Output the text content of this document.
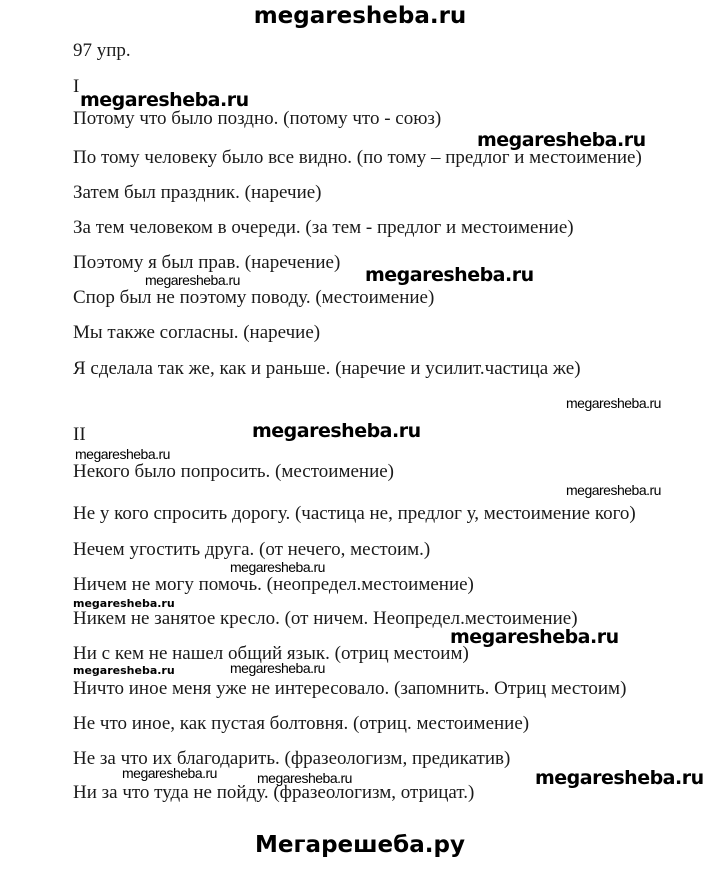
megaresheba.ru
97 упр.
I
Потому что было поздно. (потому что - союз)
По тому человеку было все видно. (по тому – предлог и местоимение)
Затем был праздник. (наречие)
За тем человеком в очереди. (за тем - предлог и местоимение)
Поэтому я был прав. (наречение)
Спор был не поэтому поводу. (местоимение)
Мы также согласны. (наречие)
Я сделала так же, как и раньше. (наречие и усилит.частица же)
II
Некого было попросить. (местоимение)
Не у кого спросить дорогу. (частица не, предлог у, местоимение кого)
Нечем угостить друга. (от нечего, местоим.)
Ничем не могу помочь. (неопредел.местоимение)
Никем не занятое кресло. (от ничем. Неопредел.местоимение)
Ни с кем не нашел общий язык. (отриц местоим)
Ничто иное меня уже не интересовало. (запомнить. Отриц местоим)
Не что иное, как пустая болтовня. (отриц. местоимение)
Не за что их благодарить. (фразеологизм, предикатив)
Ни за что туда не пойду. (фразеологизм, отрицат.)
megaresheba.ru
megaresheba.ru
megaresheba.ru
megaresheba.ru
megaresheba.ru
megaresheba.ru
megaresheba.ru
megaresheba.ru
megaresheba.ru
megaresheba.ru
megaresheba.ru
megaresheba.ru	megaresheba.ru
megaresheba.ru	megaresheba.ru	megaresheba.ru
Мегарешеба.ру
